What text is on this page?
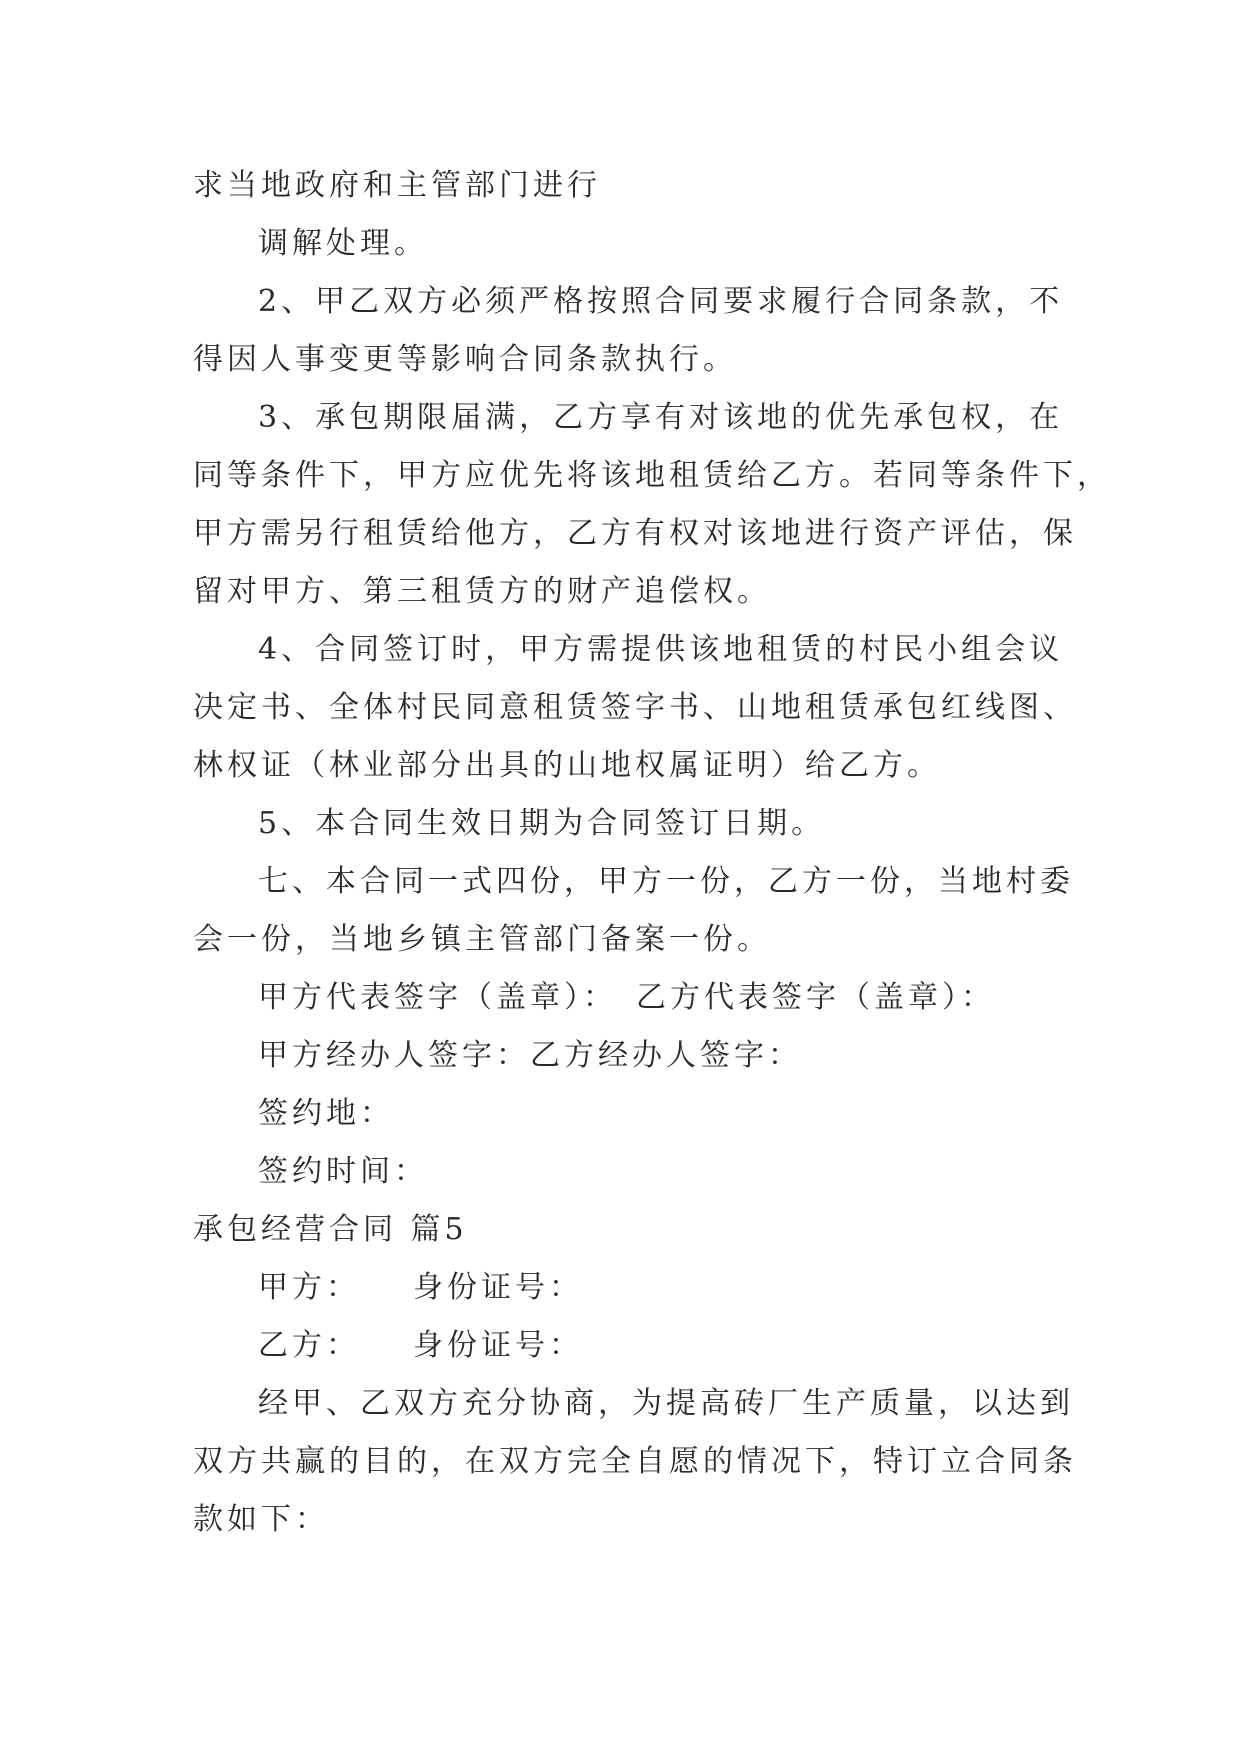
求当地政府和主管部门进行
调解处理。
2、甲乙双方必须严格按照合同要求履行合同条款，不
得因人事变更等影响合同条款执行。
3、承包期限届满，乙方享有对该地的优先承包权，在
同等条件下，甲方应优先将该地租赁给乙方。若同等条件下，
甲方需另行租赁给他方，乙方有权对该地进行资产评估，保
留对甲方、第三租赁方的财产追偿权。
4、合同签订时，甲方需提供该地租赁的村民小组会议
决定书、全体村民同意租赁签字书、山地租赁承包红线图、
林权证（林业部分出具的山地权属证明）给乙方。
5、本合同生效日期为合同签订日期。
七、本合同一式四份，甲方一份，乙方一份，当地村委
会一份，当地乡镇主管部门备案一份。
甲方代表签字（盖章）：　乙方代表签字（盖章）：
甲方经办人签字：乙方经办人签字：
签约地：
签约时间：
承包经营合同 篇5
甲方：　　身份证号：
乙方：　　身份证号：
经甲、乙双方充分协商，为提高砖厂生产质量，以达到
双方共赢的目的，在双方完全自愿的情况下，特订立合同条
款如下：
